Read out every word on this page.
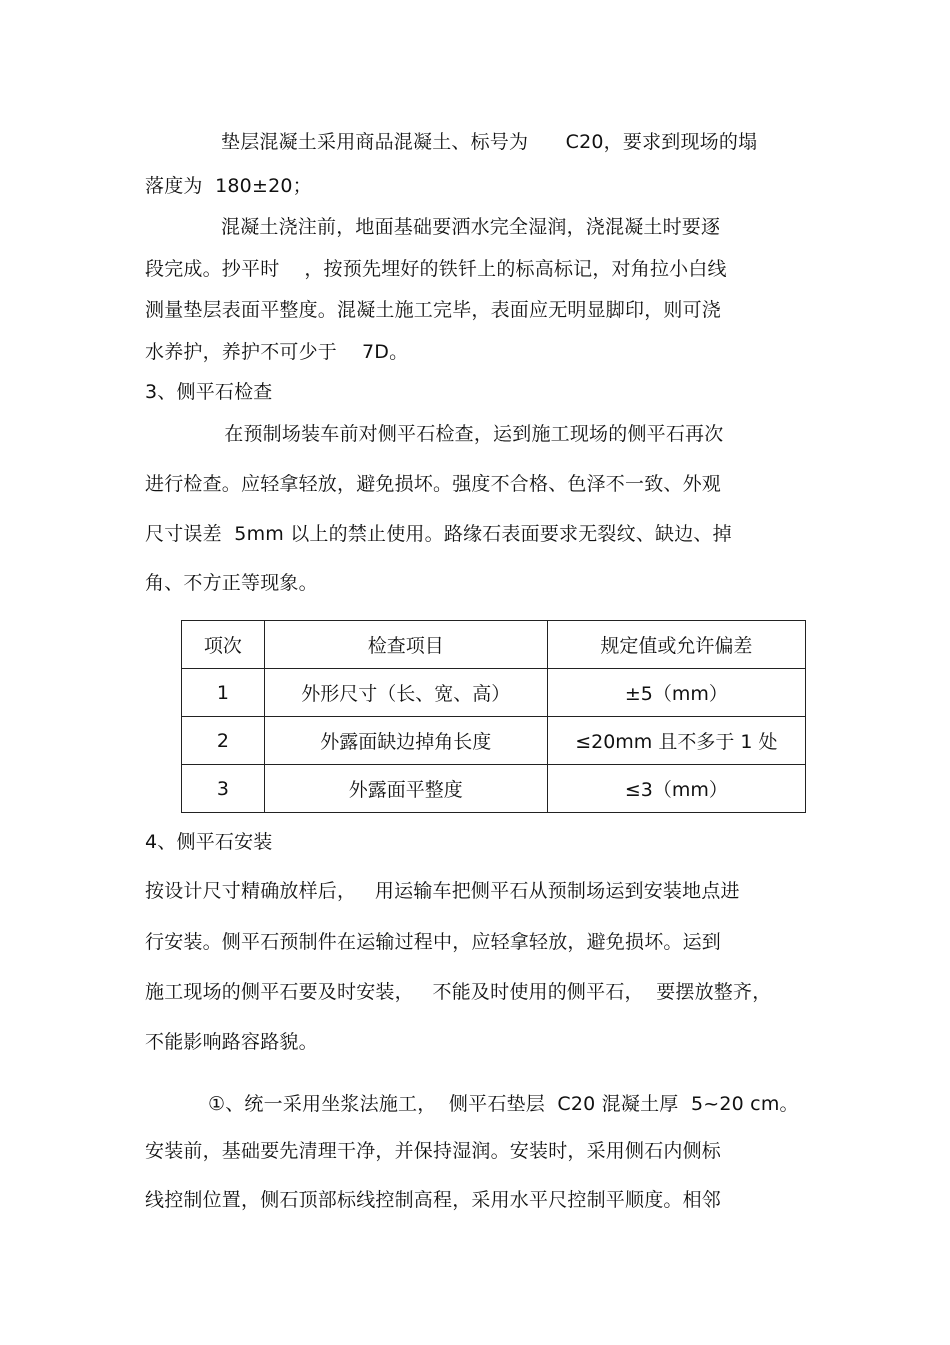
垫层混凝土采用商品混凝土、标号为      C20，要求到现场的塌
落度为  180±20；
混凝土浇注前，地面基础要洒水完全湿润，浇混凝土时要逐
段完成。抄平时    ，按预先埋好的铁钎上的标高标记，对角拉小白线
测量垫层表面平整度。混凝土施工完毕，表面应无明显脚印，则可浇
水养护，养护不可少于    7D。
3、侧平石检查
在预制场装车前对侧平石检查，运到施工现场的侧平石再次
进行检查。应轻拿轻放，避免损坏。强度不合格、色泽不一致、外观
尺寸误差  5mm 以上的禁止使用。路缘石表面要求无裂纹、缺边、掉
角、不方正等现象。
项次	检查项目	规定值或允许偏差
1	外形尺寸（长、宽、高）	±5（mm）
2	外露面缺边掉角长度	≤20mm 且不多于 1 处
3	外露面平整度	≤3（mm）
4、侧平石安装
按设计尺寸精确放样后，   用运输车把侧平石从预制场运到安装地点进
行安装。侧平石预制件在运输过程中，应轻拿轻放，避免损坏。运到
施工现场的侧平石要及时安装，   不能及时使用的侧平石，  要摆放整齐，
不能影响路容路貌。
①、统一采用坐浆法施工，  侧平石垫层  C20 混凝土厚  5~20 cm。
安装前，基础要先清理干净，并保持湿润。安装时，采用侧石内侧标
线控制位置，侧石顶部标线控制高程，采用水平尺控制平顺度。相邻
